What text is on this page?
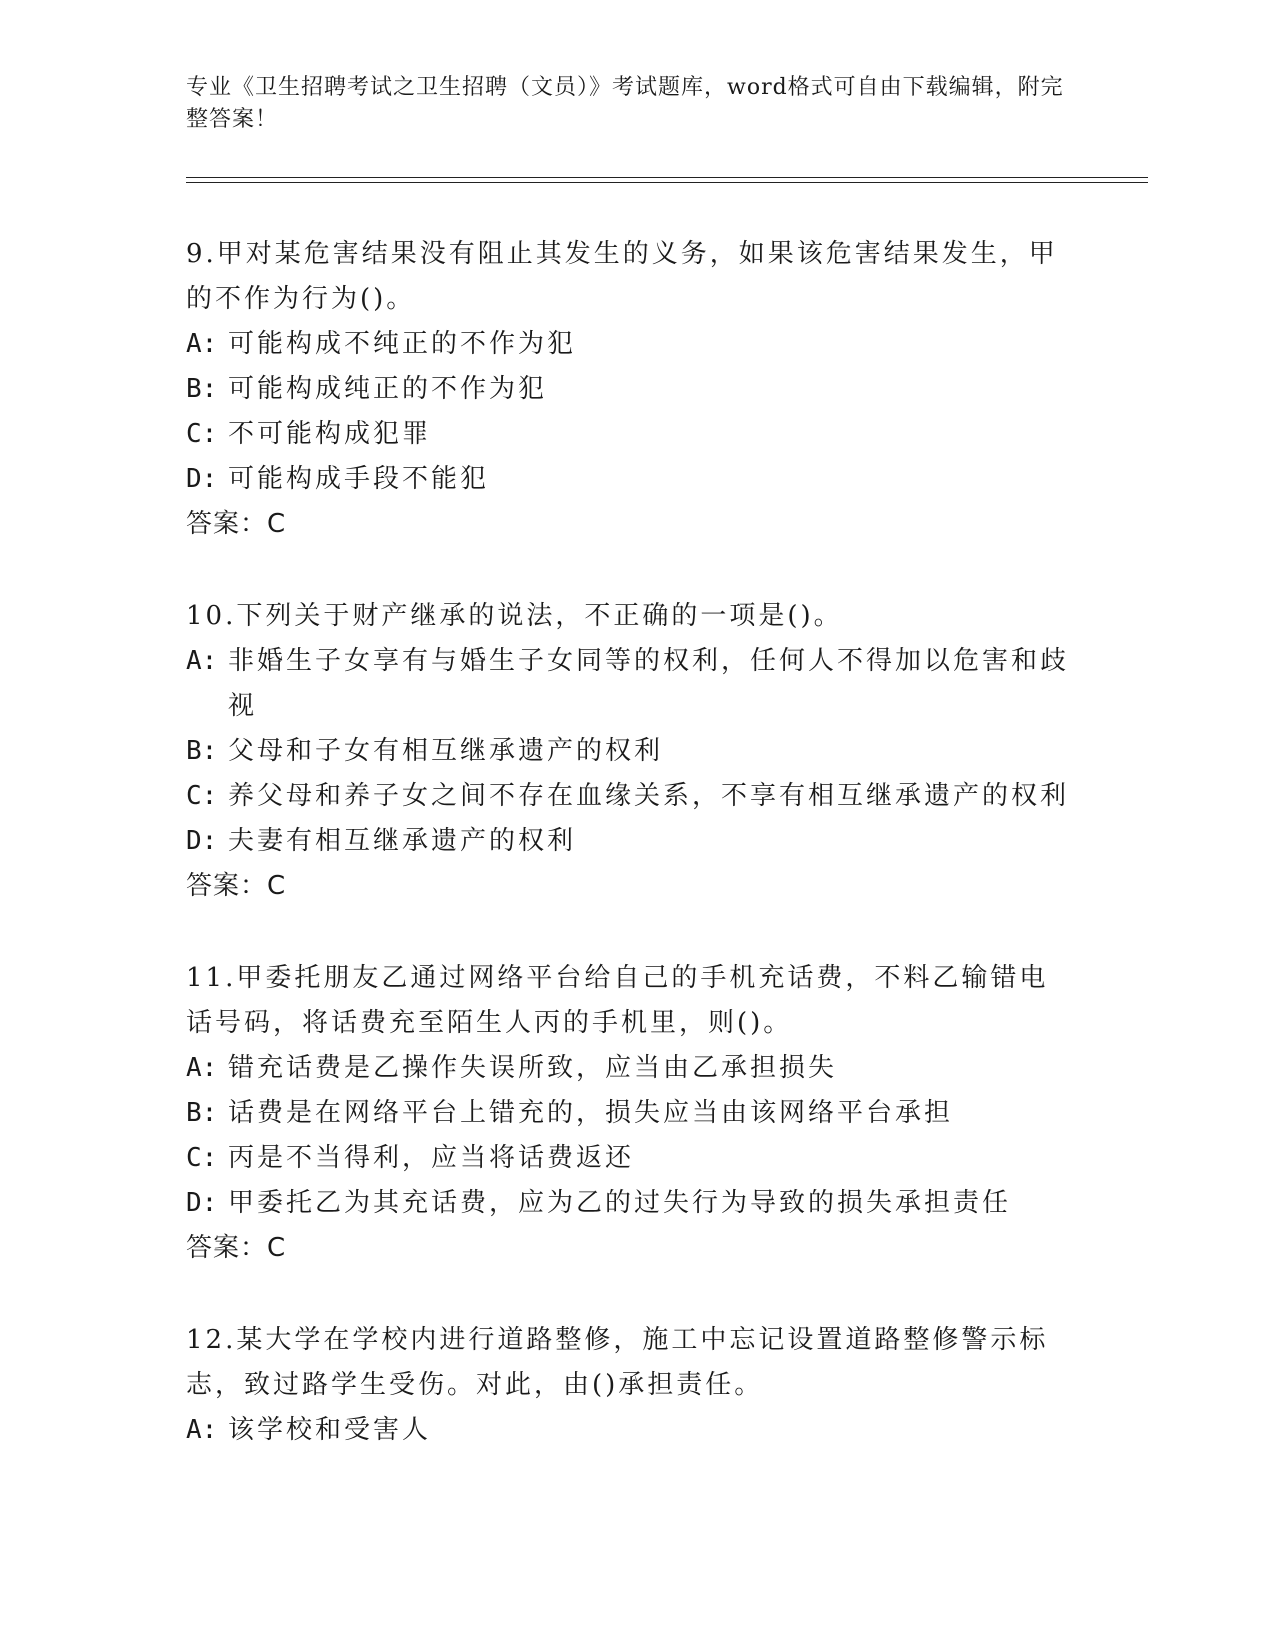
专业《卫生招聘考试之卫生招聘（文员）》考试题库，word格式可自由下载编辑，附完整答案！

9.甲对某危害结果没有阻止其发生的义务，如果该危害结果发生，甲的不作为行为()。

A: 可能构成不纯正的不作为犯
B: 可能构成纯正的不作为犯
C: 不可能构成犯罪
D: 可能构成手段不能犯

答案：C

10.下列关于财产继承的说法，不正确的一项是()。

A: 非婚生子女享有与婚生子女同等的权利，任何人不得加以危害和歧视
B: 父母和子女有相互继承遗产的权利
C: 养父母和养子女之间不存在血缘关系，不享有相互继承遗产的权利
D: 夫妻有相互继承遗产的权利

答案：C

11.甲委托朋友乙通过网络平台给自己的手机充话费，不料乙输错电话号码，将话费充至陌生人丙的手机里，则()。

A: 错充话费是乙操作失误所致，应当由乙承担损失
B: 话费是在网络平台上错充的，损失应当由该网络平台承担
C: 丙是不当得利，应当将话费返还
D: 甲委托乙为其充话费，应为乙的过失行为导致的损失承担责任

答案：C

12.某大学在学校内进行道路整修，施工中忘记设置道路整修警示标志，致过路学生受伤。对此，由()承担责任。

A: 该学校和受害人
